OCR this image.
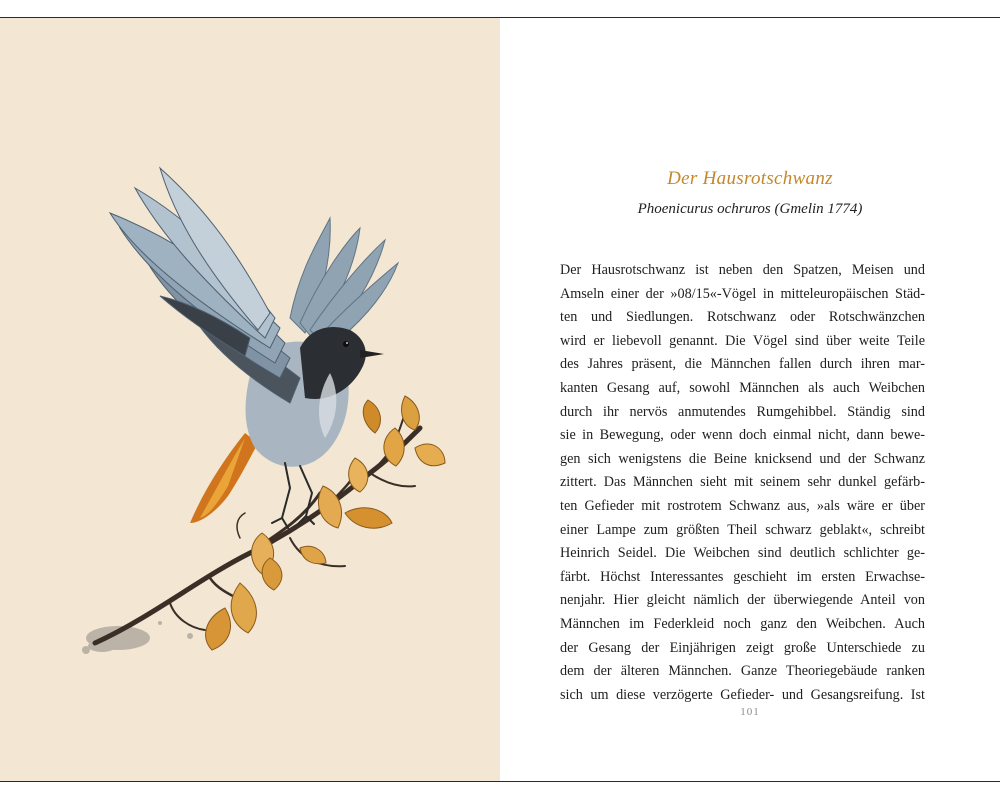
Der Hausrotschwanz
Phoenicurus ochruros (Gmelin 1774)
Der Hausrotschwanz ist neben den Spatzen, Meisen und
Amseln einer der »08/15«-Vögel in mitteleuropäischen Städ-
ten und Siedlungen. Rotschwanz oder Rotschwänzchen
wird er liebevoll genannt. Die Vögel sind über weite Teile
des Jahres präsent, die Männchen fallen durch ihren mar-
kanten Gesang auf, sowohl Männchen als auch Weibchen
durch ihr nervös anmutendes Rumgehibbel. Ständig sind
sie in Bewegung, oder wenn doch einmal nicht, dann bewe-
gen sich wenigstens die Beine knicksend und der Schwanz
zittert. Das Männchen sieht mit seinem sehr dunkel gefärb-
ten Gefieder mit rostrotem Schwanz aus, »als wäre er über
einer Lampe zum größten Theil schwarz geblakt«, schreibt
Heinrich Seidel. Die Weibchen sind deutlich schlichter ge-
färbt. Höchst Interessantes geschieht im ersten Erwachse-
nenjahr. Hier gleicht nämlich der überwiegende Anteil von
Männchen im Federkleid noch ganz den Weibchen. Auch
der Gesang der Einjährigen zeigt große Unterschiede zu
dem der älteren Männchen. Ganze Theoriegebäude ranken
sich um diese verzögerte Gefieder- und Gesangsreifung. Ist
101
